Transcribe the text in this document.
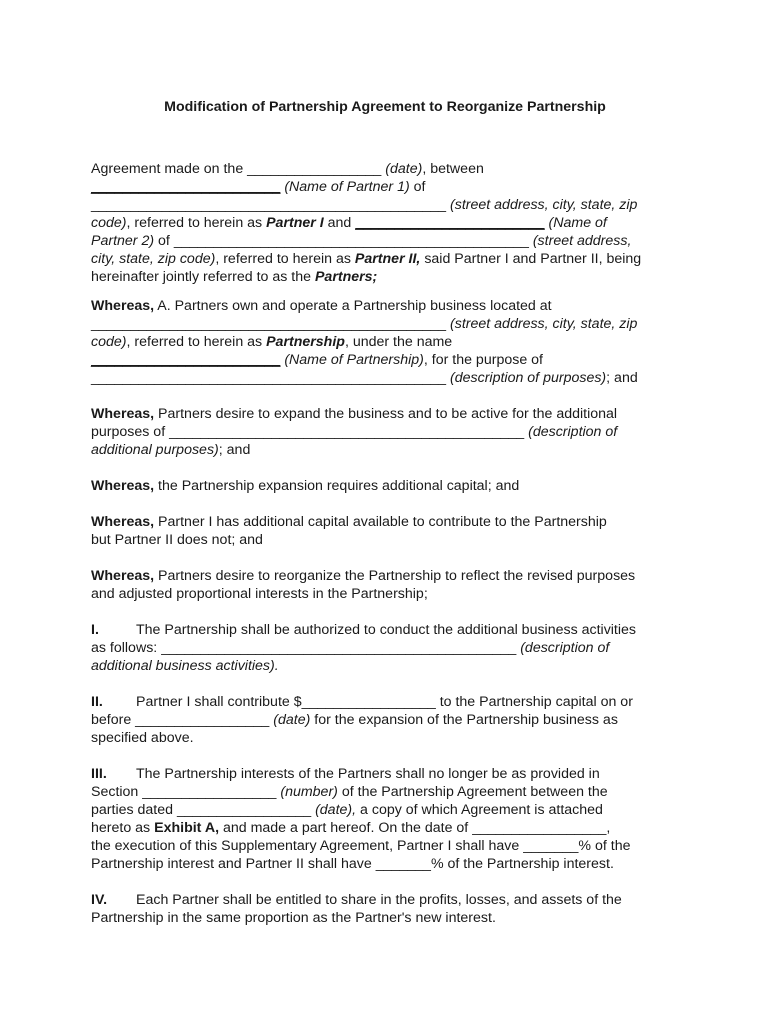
Modification of Partnership Agreement to Reorganize Partnership
Agreement made on the _________________ (date), between
________________________ (Name of Partner 1) of
_____________________________________________ (street address, city, state, zip
code), referred to herein as Partner I and ________________________ (Name of
Partner 2) of _____________________________________________ (street address,
city, state, zip code), referred to herein as Partner II, said Partner I and Partner II, being
hereinafter jointly referred to as the Partners;
Whereas, A. Partners own and operate a Partnership business located at
_____________________________________________ (street address, city, state, zip
code), referred to herein as Partnership, under the name
________________________ (Name of Partnership), for the purpose of
_____________________________________________ (description of purposes); and
Whereas, Partners desire to expand the business and to be active for the additional
purposes of _____________________________________________ (description of
additional purposes); and
Whereas, the Partnership expansion requires additional capital; and
Whereas, Partner I has additional capital available to contribute to the Partnership
but Partner II does not; and
Whereas, Partners desire to reorganize the Partnership to reflect the revised purposes
and adjusted proportional interests in the Partnership;
I.	The Partnership shall be authorized to conduct the additional business activities
as follows: _____________________________________________ (description of
additional business activities).
II. Partner I shall contribute $_________________ to the Partnership capital on or
before _________________ (date) for the expansion of the Partnership business as
specified above.
III. The Partnership interests of the Partners shall no longer be as provided in
Section _________________ (number) of the Partnership Agreement between the
parties dated _________________ (date), a copy of which Agreement is attached
hereto as Exhibit A, and made a part hereof. On the date of _________________,
the execution of this Supplementary Agreement, Partner I shall have _______% of the
Partnership interest and Partner II shall have _______% of the Partnership interest.
IV. Each Partner shall be entitled to share in the profits, losses, and assets of the
Partnership in the same proportion as the Partner's new interest.
